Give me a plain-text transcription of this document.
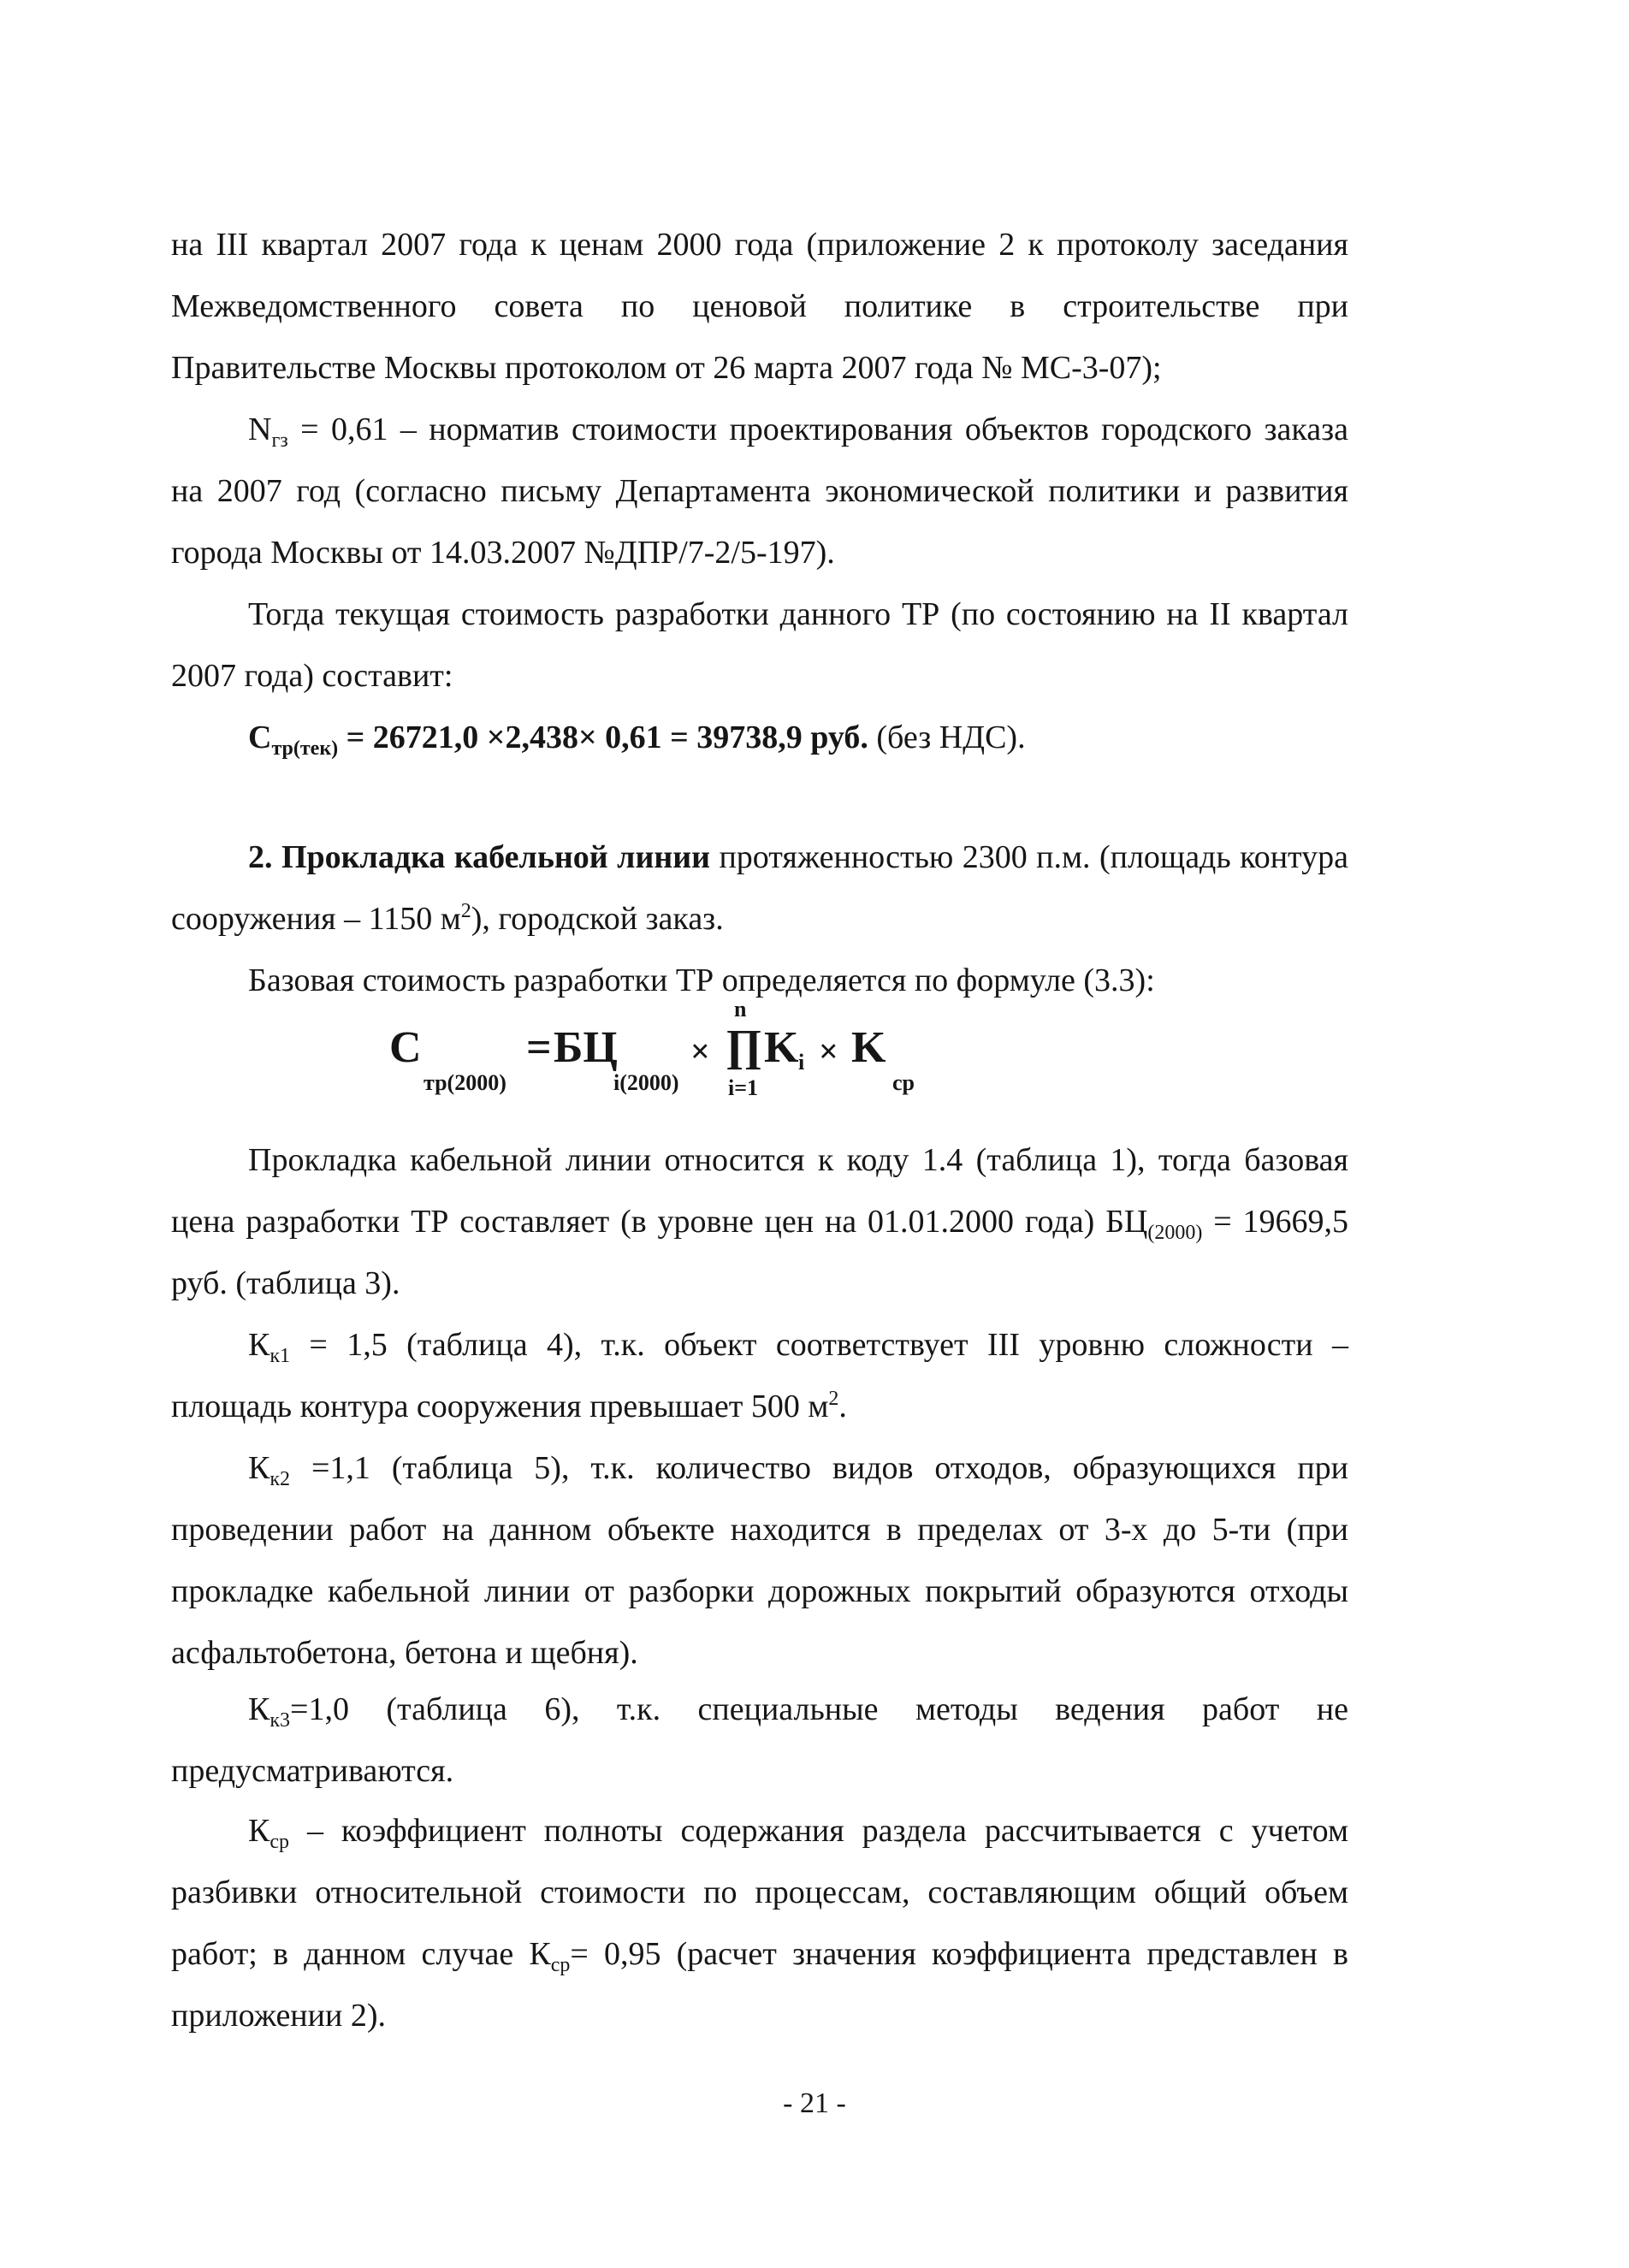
на III квартал 2007 года к ценам 2000 года (приложение 2 к протоколу заседания Межведомственного совета по ценовой политике в строительстве при Правительстве Москвы протоколом от 26 марта 2007 года № МС-3-07);

$N_{гз} = 0,61$ – норматив стоимости проектирования объектов городского заказа на 2007 год (согласно письму Департамента экономической политики и развития города Москвы от 14.03.2007 №ДПР/7-2/5-197).

Тогда текущая стоимость разработки данного ТР (по состоянию на II квартал 2007 года) составит:

$С_{тр(тек)} = 26721,0 \times 2,438\times 0,61 = 39738,9$ руб. (без НДС).

2. Прокладка кабельной линии протяженностью 2300 п.м. (площадь контура сооружения – 1150 $м^2$), городской заказ.

Базовая стоимость разработки ТР определяется по формуле (3.3):

С
тр(2000)
= БЦ
i(2000)
×
n
∏
i=1
K i × K
ср

Прокладка кабельной линии относится к коду 1.4 (таблица 1), тогда базовая цена разработки ТР составляет (в уровне цен на 01.01.2000 года) $БЦ_{(2000)} = 19669,5$ руб. (таблица 3).

$К_{к1} = 1,5$ (таблица 4), т.к. объект соответствует III уровню сложности – площадь контура сооружения превышает 500 $м^2$.

$К_{к2} =1,1$ (таблица 5), т.к. количество видов отходов, образующихся при проведении работ на данном объекте находится в пределах от 3-х до 5-ти (при прокладке кабельной линии от разборки дорожных покрытий образуются отходы асфальтобетона, бетона и щебня).

$К_{к3}=1,0$ (таблица 6), т.к. специальные методы ведения работ не предусматриваются.

$К_{ср}$ – коэффициент полноты содержания раздела рассчитывается с учетом разбивки относительной стоимости по процессам, составляющим общий объем работ; в данном случае $К_{ср}= 0,95$ (расчет значения коэффициента представлен в приложении 2).

- 21 -
